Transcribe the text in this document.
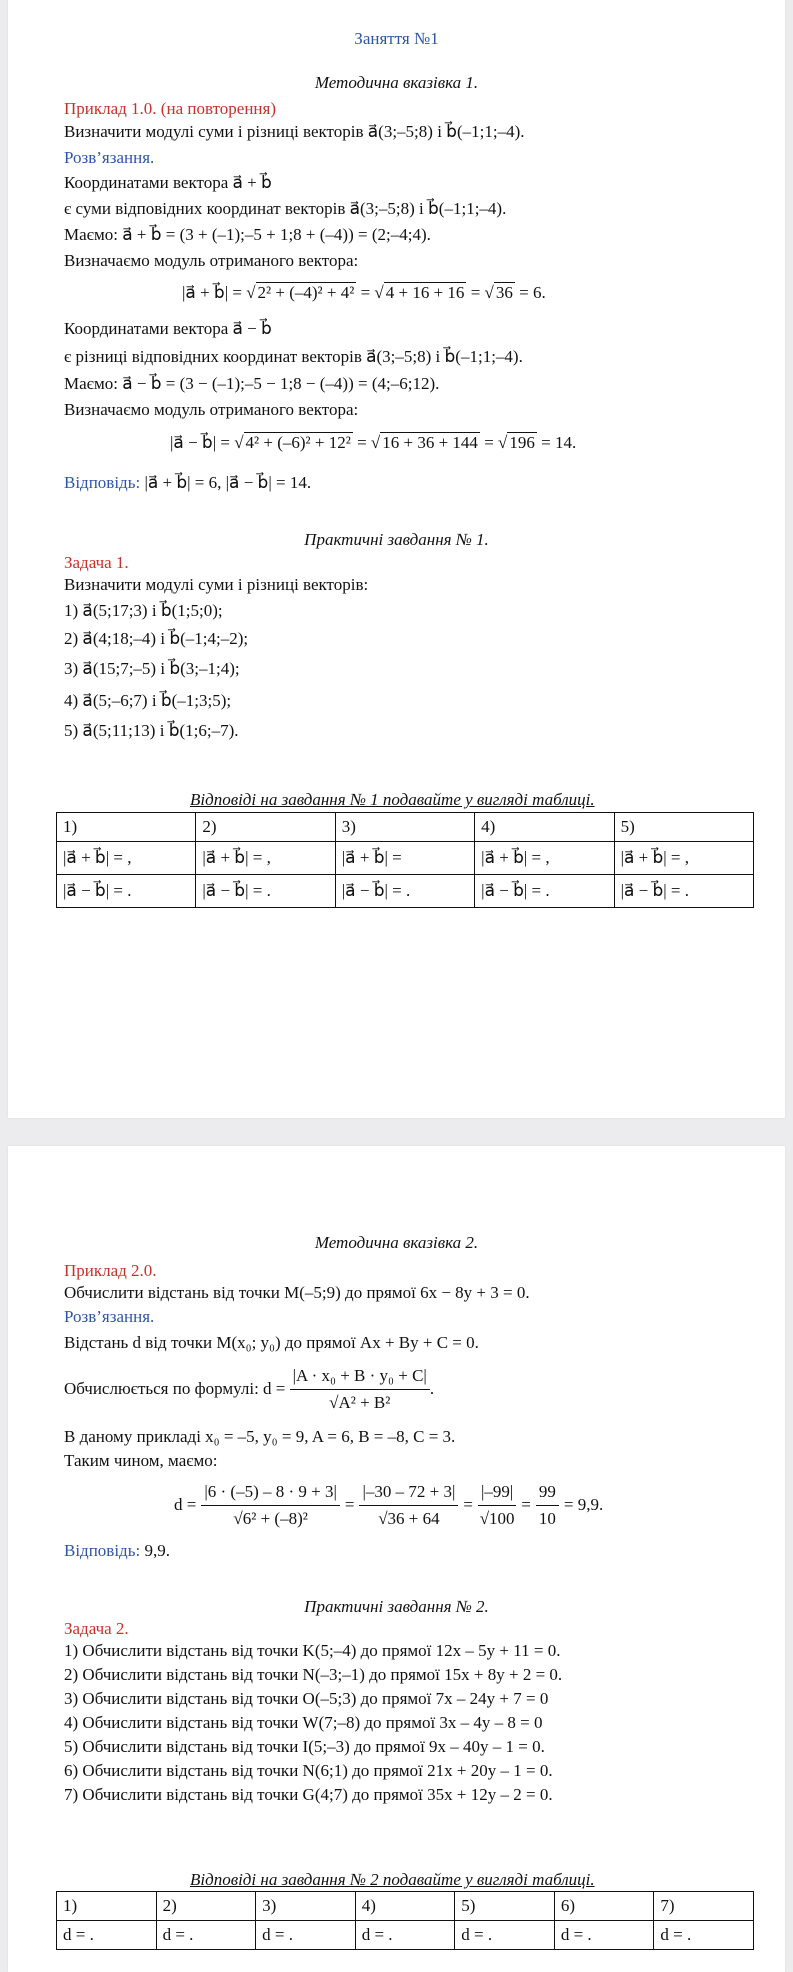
Заняття №1
Методична вказівка 1.
Приклад 1.0. (на повторення)
Визначити модулі суми і різниці векторів a⃗(3;–5;8) і b⃗(–1;1;–4).
Розв’язання.
Координатами вектора a⃗ + b⃗
є суми відповідних координат векторів a⃗(3;–5;8) і b⃗(–1;1;–4).
Маємо: a⃗ + b⃗ = (3 + (–1);–5 + 1;8 + (–4)) = (2;–4;4).
Визначаємо модуль отриманого вектора:
|a⃗ + b⃗| = √ 2² + (–4)² + 4² = √ 4 + 16 + 16 = √ 36 = 6.
Координатами вектора a⃗ − b⃗
є різниці відповідних координат векторів a⃗(3;–5;8) і b⃗(–1;1;–4).
Маємо: a⃗ − b⃗ = (3 − (–1);–5 − 1;8 − (–4)) = (4;–6;12).
Визначаємо модуль отриманого вектора:
|a⃗ − b⃗| = √ 4² + (–6)² + 12² = √ 16 + 36 + 144 = √ 196 = 14.
Відповідь: |a⃗ + b⃗| = 6, |a⃗ − b⃗| = 14.
Практичні завдання № 1.
Задача 1.
Визначити модулі суми і різниці векторів:
1) a⃗(5;17;3) і b⃗(1;5;0);
2) a⃗(4;18;–4) і b⃗(–1;4;–2);
3) a⃗(15;7;–5) і b⃗(3;–1;4);
4) a⃗(5;–6;7) і b⃗(–1;3;5);
5) a⃗(5;11;13) і b⃗(1;6;–7).
Відповіді на завдання № 1 подавайте у вигляді таблиці.
1)	2)	3)	4)	5)
|a⃗ + b⃗| = ,	|a⃗ + b⃗| = ,	|a⃗ + b⃗| =	|a⃗ + b⃗| = ,	|a⃗ + b⃗| = ,
|a⃗ − b⃗| = .	|a⃗ − b⃗| = .	|a⃗ − b⃗| = .	|a⃗ − b⃗| = .	|a⃗ − b⃗| = .
Методична вказівка 2.
Приклад 2.0.
Обчислити відстань від точки M(–5;9) до прямої 6x − 8y + 3 = 0.
Розв’язання.
Відстань d від точки M(x₀; y₀) до прямої Ax + By + C = 0.
Обчислюється по формулі: d =
$\frac{\text{|A · x₀ + B · y₀ + C|}}{\text{√A² + B²}}$ .
В даному прикладі x₀ = –5, y₀ = 9, A = 6, B = –8, C = 3.
Таким чином, маємо:
$d = \frac{|6 \cdot (-5) - 8 \cdot 9 + 3|}{\text{√6² + (–8)²}} = \frac{|-30 - 72 + 3|}{√36 + 64} = \frac{|-99|}{√100} = \frac{99}{10} = 9,9$.
Відповідь: 9,9.
Практичні завдання № 2.
Задача 2.
1) Обчислити відстань від точки K(5;–4) до прямої 12x – 5y + 11 = 0.
2) Обчислити відстань від точки N(–3;–1) до прямої 15x + 8y + 2 = 0.
3) Обчислити відстань від точки O(–5;3) до прямої 7x – 24y + 7 = 0
4) Обчислити відстань від точки W(7;–8) до прямої 3x – 4y – 8 = 0
5) Обчислити відстань від точки I(5;–3) до прямої 9x – 40y – 1 = 0.
6) Обчислити відстань від точки N(6;1) до прямої 21x + 20y – 1 = 0.
7) Обчислити відстань від точки G(4;7) до прямої 35x + 12y – 2 = 0.
Відповіді на завдання № 2 подавайте у вигляді таблиці.
1)	2)	3)	4)	5)	6)	7)
d = .	d = .	d = .	d = .	d = .	d = .	d = .
